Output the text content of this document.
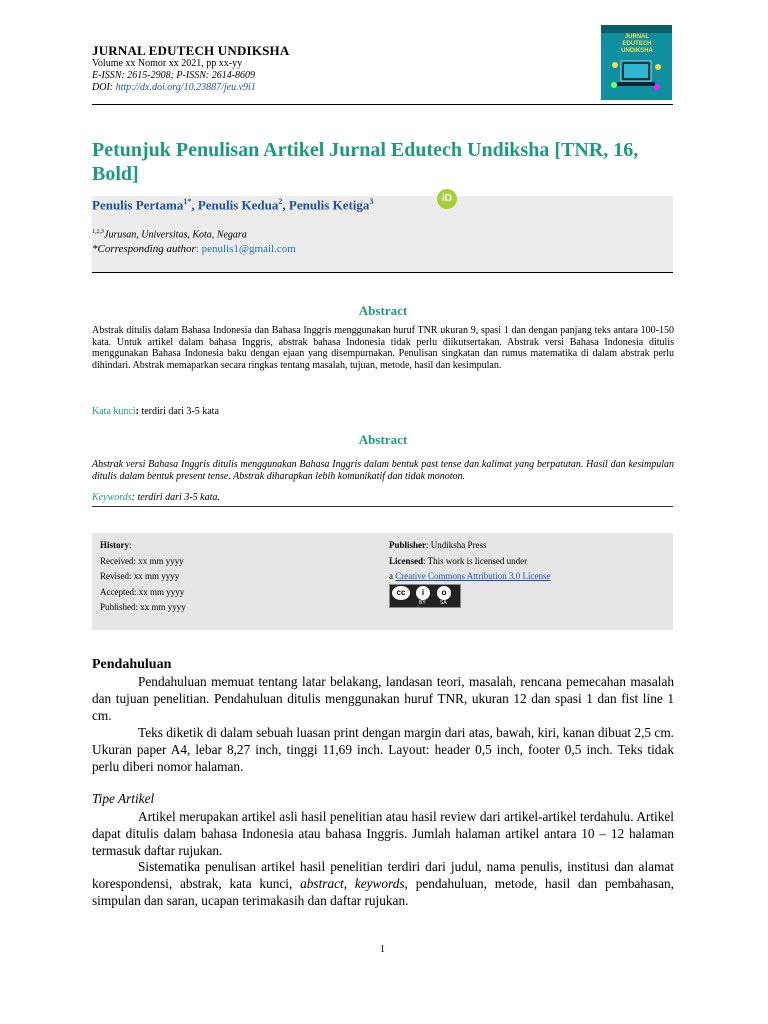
JURNAL EDUTECH UNDIKSHA
Volume xx Nomor xx 2021, pp xx-yy
E-ISSN: 2615-2908; P-ISSN: 2614-8609
DOI: http://dx.doi.org/10.23887/jeu.v9i1
JURNAL EDUTECH UNDIKSHA
Petunjuk Penulisan Artikel Jurnal Edutech Undiksha [TNR, 16, Bold]
Penulis Pertama$^{1*}$, Penulis Kedua$^2$, Penulis Ketiga$^3$	iD
$^{1,2,3}$Jurusan, Universitas, Kota, Negara
*Corresponding author: penulis1@gmail.com
Abstract
Abstrak ditulis dalam Bahasa Indonesia dan Bahasa Inggris menggunakan huruf TNR ukuran 9, spasi 1 dan dengan panjang teks antara 100-150 kata. Untuk artikel dalam bahasa Inggris, abstrak bahasa Indonesia tidak perlu diikutsertakan. Abstrak versi Bahasa Indonesia ditulis menggunakan Bahasa Indonesia baku dengan ejaan yang disempurnakan. Penulisan singkatan dan rumus matematika di dalam abstrak perlu dihindari. Abstrak memaparkan secara ringkas tentang masalah, tujuan, metode, hasil dan kesimpulan.
Kata kunci: terdiri dari 3-5 kata
Abstract
Abstrak versi Bahasa Inggris ditulis menggunakan Bahasa Inggris dalam bentuk past tense dan kalimat yang berpatutan. Hasil dan kesimpulan ditulis dalam bentuk present tense. Abstrak diharapkan lebih komunikatif dan tidak monoton.
Keywords: terdiri dari 3-5 kata.
History:
Received: xx mm yyyy
Revised: xx mm yyyy
Accepted: xx mm yyyy
Published: xx mm yyyy
Publisher: Undiksha Press
Licensed: This work is licensed under
a Creative Commons Attribution 3.0 License
cc	i	o
BY	SA
Pendahuluan
Pendahuluan memuat tentang latar belakang, landasan teori, masalah, rencana pemecahan masalah dan tujuan penelitian. Pendahuluan ditulis menggunakan huruf TNR, ukuran 12 dan spasi 1 dan fist line 1 cm.
Teks diketik di dalam sebuah luasan print dengan margin dari atas, bawah, kiri, kanan dibuat 2,5 cm. Ukuran paper A4, lebar 8,27 inch, tinggi 11,69 inch. Layout: header 0,5 inch, footer 0,5 inch. Teks tidak perlu diberi nomor halaman.
Tipe Artikel
Artikel merupakan artikel asli hasil penelitian atau hasil review dari artikel-artikel terdahulu. Artikel dapat ditulis dalam bahasa Indonesia atau bahasa Inggris. Jumlah halaman artikel antara 10 – 12 halaman termasuk daftar rujukan.
Sistematika penulisan artikel hasil penelitian terdiri dari judul, nama penulis, institusi dan alamat korespondensi, abstrak, kata kunci, abstract, keywords, pendahuluan, metode, hasil dan pembahasan, simpulan dan saran, ucapan terimakasih dan daftar rujukan.
1
